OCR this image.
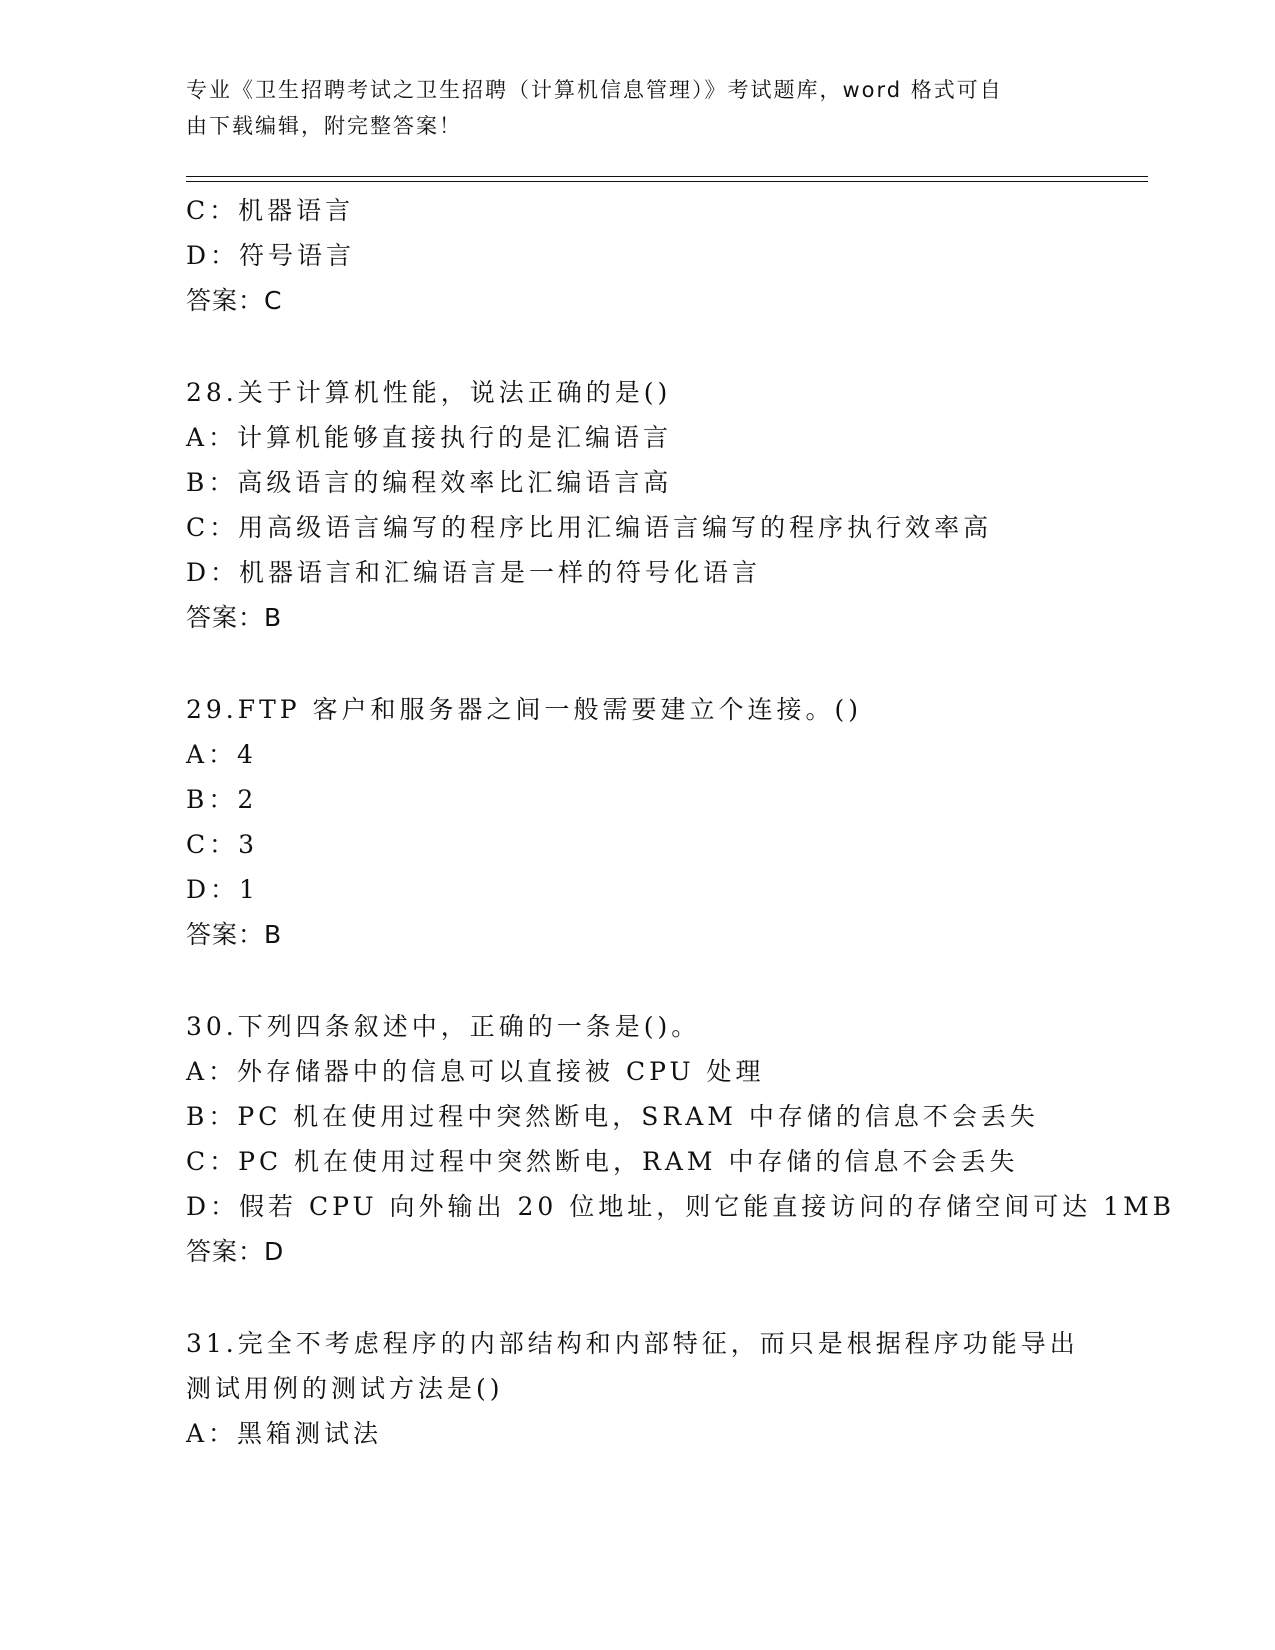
专业《卫生招聘考试之卫生招聘（计算机信息管理）》考试题库，word 格式可自
由下载编辑，附完整答案！
C：机器语言
D：符号语言
答案：C
28.关于计算机性能，说法正确的是()
A：计算机能够直接执行的是汇编语言
B：高级语言的编程效率比汇编语言高
C：用高级语言编写的程序比用汇编语言编写的程序执行效率高
D：机器语言和汇编语言是一样的符号化语言
答案：B
29.FTP 客户和服务器之间一般需要建立个连接。()
A：4
B：2
C：3
D：1
答案：B
30.下列四条叙述中，正确的一条是()。
A：外存储器中的信息可以直接被 CPU 处理
B：PC 机在使用过程中突然断电，SRAM 中存储的信息不会丢失
C：PC 机在使用过程中突然断电，RAM 中存储的信息不会丢失
D：假若 CPU 向外输出 20 位地址，则它能直接访问的存储空间可达 1MB
答案：D
31.完全不考虑程序的内部结构和内部特征，而只是根据程序功能导出
测试用例的测试方法是()
A：黑箱测试法
